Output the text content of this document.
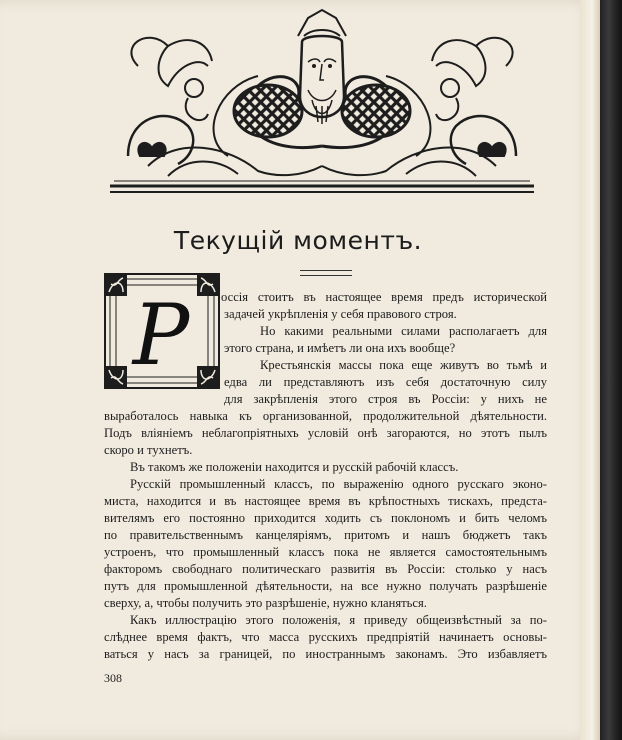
Текущій моментъ.
Р	оссія стоитъ въ настоящее время предъ исторической
задачей укрѣпленія у себя правового строя.
Но какими реальными силами располагаетъ для
этого страна, и имѣетъ ли она ихъ вообще?
Крестьянскія массы пока еще живутъ во тьмѣ и
едва ли представляютъ изъ себя достаточную силу
для закрѣпленія этого строя въ Россіи: у нихъ не
выработалось навыка къ организованной, продолжительной дѣятельности.
Подъ вліяніемъ неблагопріятныхъ условій онѣ загораются, но этотъ пылъ
скоро и тухнетъ.
Въ такомъ же положеніи находится и русскій рабочій классъ.
Русскій промышленный классъ, по выраженію одного русскаго эконо-
миста, находится и въ настоящее время въ крѣпостныхъ тискахъ, предста-
вителямъ его постоянно приходится ходить съ поклономъ и бить челомъ
по правительственнымъ канцеляріямъ, притомъ и нашъ бюджетъ такъ
устроенъ, что промышленный классъ пока не является самостоятельнымъ
факторомъ свободнаго политическаго развитія въ Россіи: столько у насъ
путъ для промышленной дѣятельности, на все нужно получать разрѣшеніе
сверху, а, чтобы получить это разрѣшеніе, нужно кланяться.
Какъ иллюстрацію этого положенія, я приведу общеизвѣстный за по-
слѣднее время фактъ, что масса русскихъ предпріятій начинаетъ основы-
ваться у насъ за границей, по иностраннымъ законамъ. Это избавляетъ
308
